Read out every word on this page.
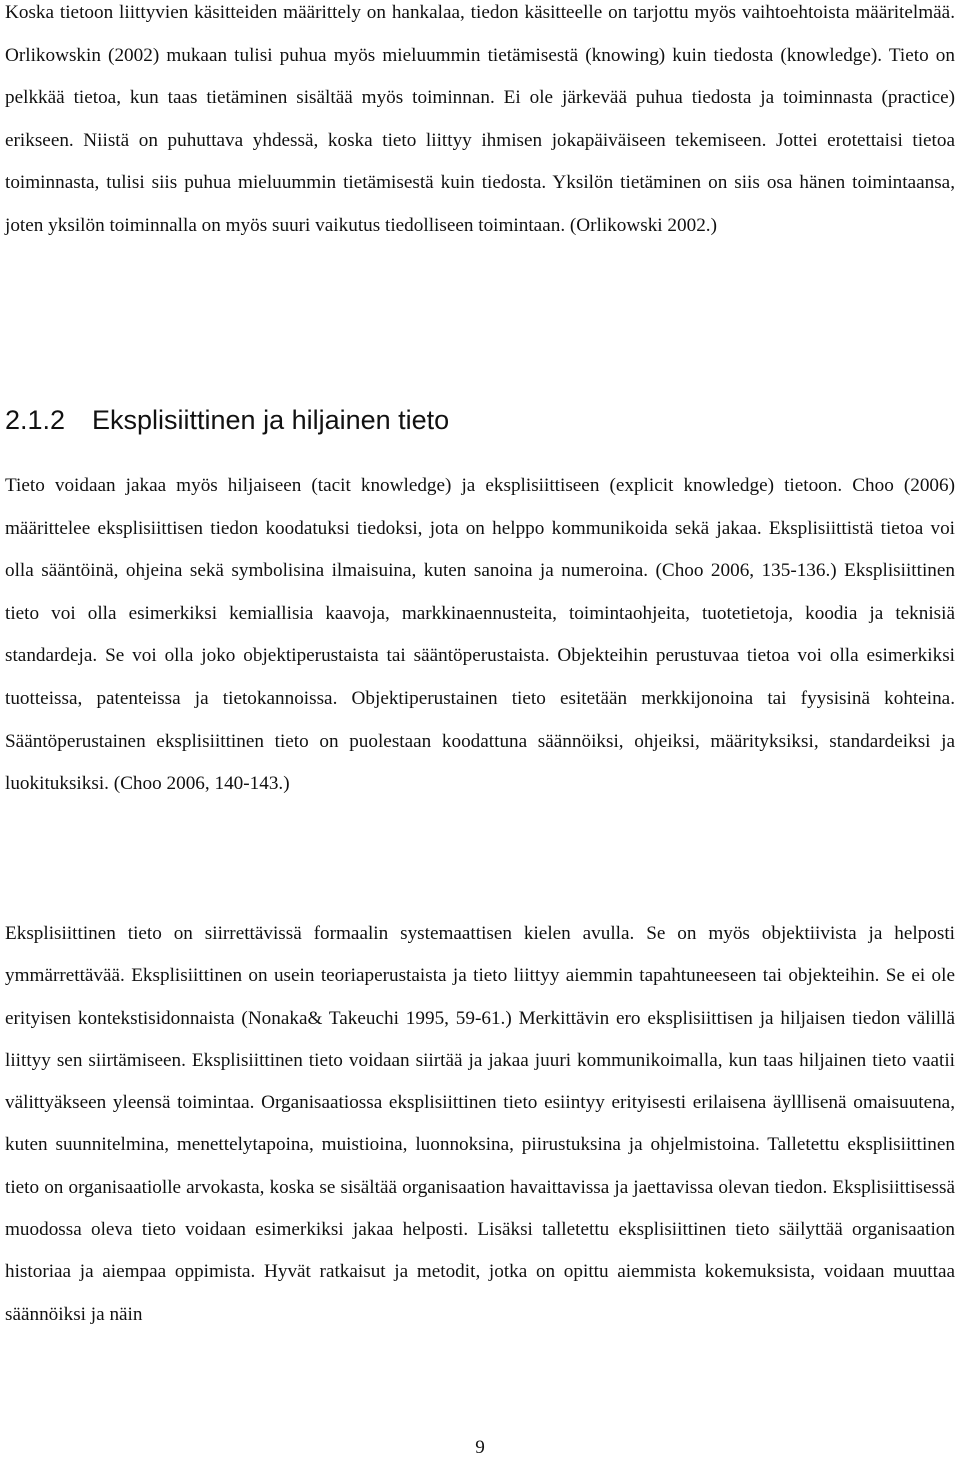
Koska tietoon liittyvien käsitteiden määrittely on hankalaa, tiedon käsitteelle on tarjottu myös vaihtoehtoista määritelmää. Orlikowskin (2002) mukaan tulisi puhua myös mieluummin tietämisestä (knowing) kuin tiedosta (knowledge). Tieto on pelkkää tietoa, kun taas tietäminen sisältää myös toiminnan. Ei ole järkevää puhua tiedosta ja toiminnasta (practice) erikseen. Niistä on puhuttava yhdessä, koska tieto liittyy ihmisen jokapäiväiseen tekemiseen. Jottei erotettaisi tietoa toiminnasta, tulisi siis puhua mieluummin tietämisestä kuin tiedosta. Yksilön tietäminen on siis osa hänen toimintaansa, joten yksilön toiminnalla on myös suuri vaikutus tiedolliseen toimintaan. (Orlikowski 2002.)

2.1.2 Eksplisiittinen ja hiljainen tieto

Tieto voidaan jakaa myös hiljaiseen (tacit knowledge) ja eksplisiittiseen (explicit knowledge) tietoon. Choo (2006) määrittelee eksplisiittisen tiedon koodatuksi tiedoksi, jota on helppo kommunikoida sekä jakaa. Eksplisiittistä tietoa voi olla sääntöinä, ohjeina sekä symbolisina ilmaisuina, kuten sanoina ja numeroina. (Choo 2006, 135-136.) Eksplisiittinen tieto voi olla esimerkiksi kemiallisia kaavoja, markkinaennusteita, toimintaohjeita, tuotetietoja, koodia ja teknisiä standardeja. Se voi olla joko objektiperustaista tai sääntöperustaista. Objekteihin perustuvaa tietoa voi olla esimerkiksi tuotteissa, patenteissa ja tietokannoissa. Objektiperustainen tieto esitetään merkkijonoina tai fyysisinä kohteina. Sääntöperustainen eksplisiittinen tieto on puolestaan koodattuna säännöiksi, ohjeiksi, määrityksiksi, standardeiksi ja luokituksiksi. (Choo 2006, 140-143.)

Eksplisiittinen tieto on siirrettävissä formaalin systemaattisen kielen avulla. Se on myös objektiivista ja helposti ymmärrettävää. Eksplisiittinen on usein teoriaperustaista ja tieto liittyy aiemmin tapahtuneeseen tai objekteihin. Se ei ole erityisen kontekstisidonnaista (Nonaka& Takeuchi 1995, 59-61.) Merkittävin ero eksplisiittisen ja hiljaisen tiedon välillä liittyy sen siirtämiseen. Eksplisiittinen tieto voidaan siirtää ja jakaa juuri kommunikoimalla, kun taas hiljainen tieto vaatii välittyäkseen yleensä toimintaa. Organisaatiossa eksplisiittinen tieto esiintyy erityisesti erilaisena äylllisenä omaisuutena, kuten suunnitelmina, menettelytapoina, muistioina, luonnoksina, piirustuksina ja ohjelmistoina. Talletettu eksplisiittinen tieto on organisaatiolle arvokasta, koska se sisältää organisaation havaittavissa ja jaettavissa olevan tiedon. Eksplisiittisessä muodossa oleva tieto voidaan esimerkiksi jakaa helposti. Lisäksi talletettu eksplisiittinen tieto säilyttää organisaation historiaa ja aiempaa oppimista. Hyvät ratkaisut ja metodit, jotka on opittu aiemmista kokemuksista, voidaan muuttaa säännöiksi ja näin

9
